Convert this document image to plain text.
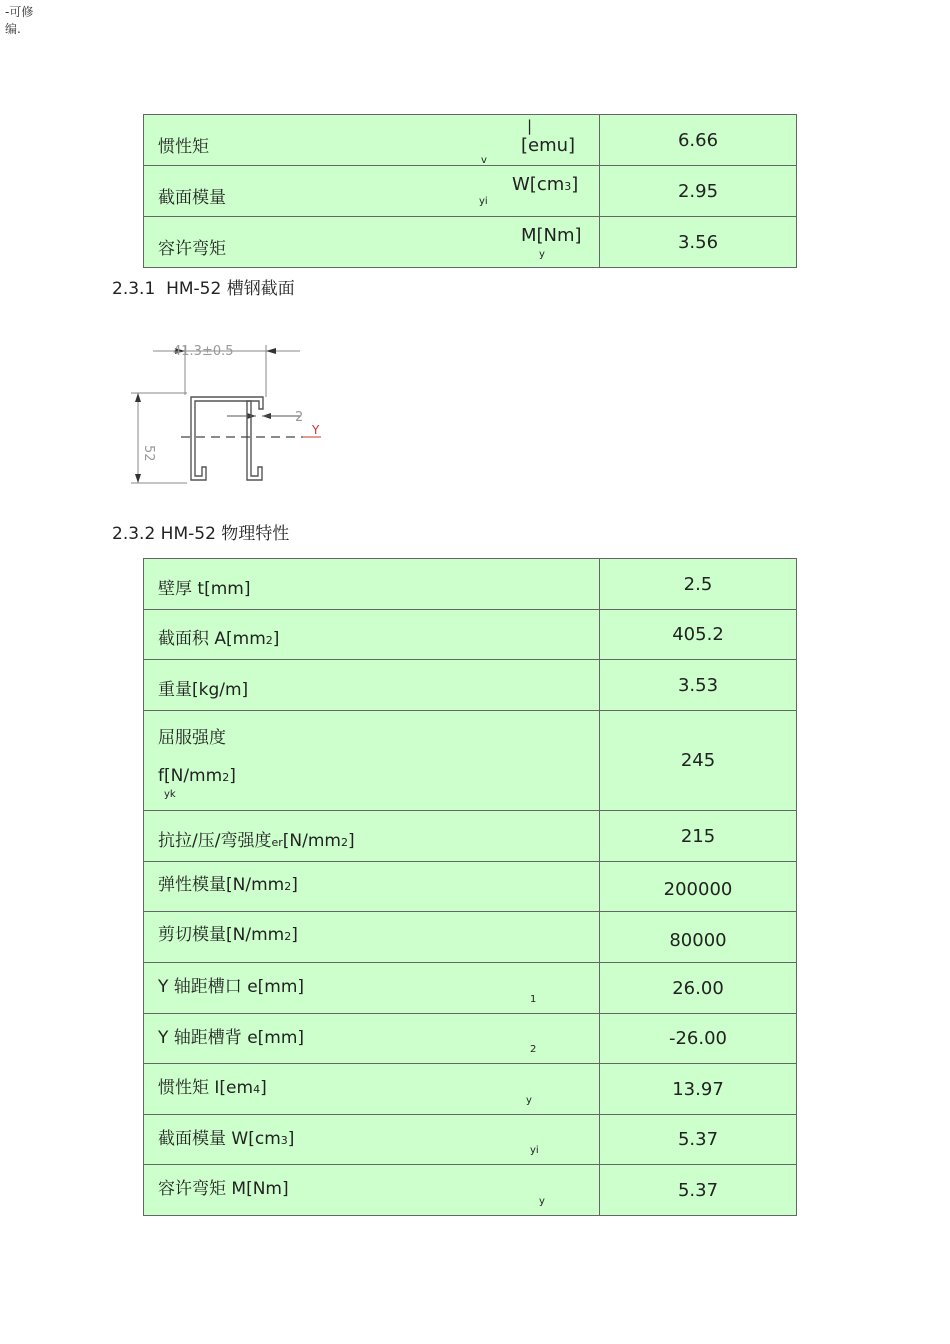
-可修
编.
惯性矩
|
[emu]
v	6.66

截面模量
W[cm3]
yi	2.95

容许弯矩
M[Nm]
y	3.56
2.3.1 HM-52 槽钢截面
41.3±0.5
2
Y
52
2.3.2 HM-52 物理特性
壁厚 t[mm]	2.5

截面积 A[mm2]	405.2

重量[kg/m]	3.53

屈服强度
f[N/mm2]
yk	245

抗拉/压/弯强度er[N/mm2]	215

弹性模量[N/mm2]	200000

剪切模量[N/mm2]	80000

Y 轴距槽口 e[mm]
1	26.00

Y 轴距槽背 e[mm]
2	-26.00

惯性矩 I[em4]
y	13.97

截面模量 W[cm3]
yi	5.37

容许弯矩 M[Nm]
y	5.37
